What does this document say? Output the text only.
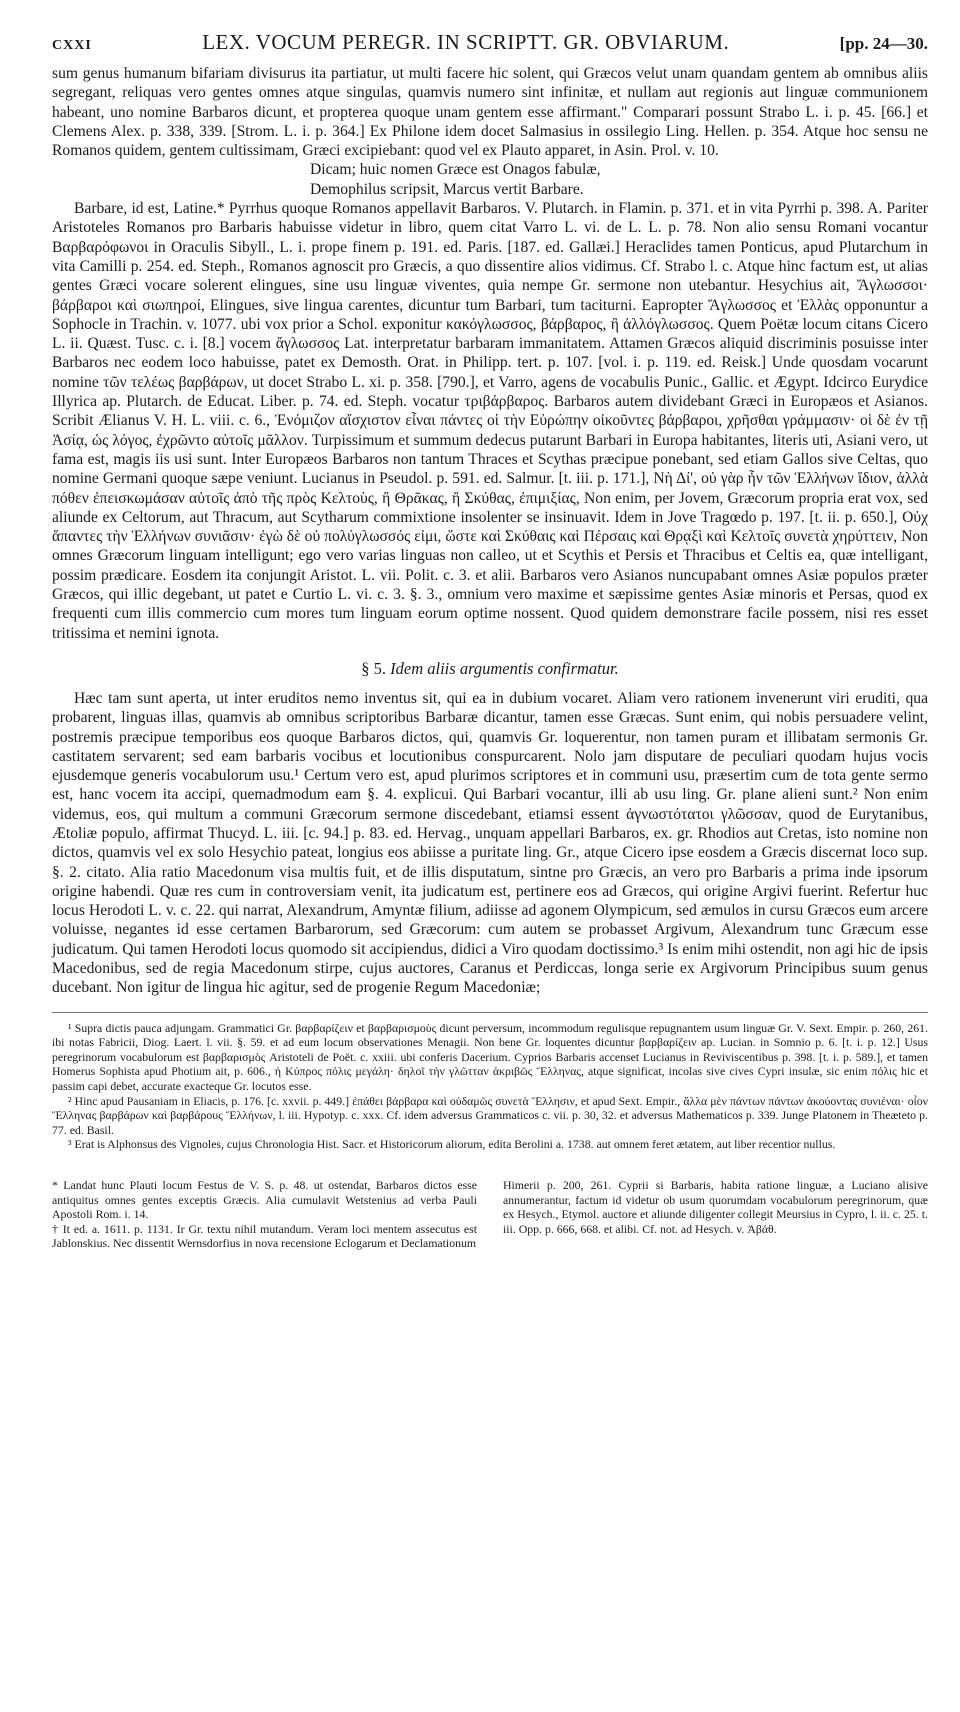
CXXI	LEX. VOCUM PEREGR. IN SCRIPTT. GR. OBVIARUM.	[pp. 24—30.

sum genus humanum bifariam divisurus ita partiatur, ut multi facere hic solent, qui Græcos velut unam quandam gentem ab omnibus aliis segregant, reliquas vero gentes omnes atque singulas, quamvis numero sint infinitæ, et nullam aut regionis aut linguæ communionem habeant, uno nomine Barbaros dicunt, et propterea quoque unam gentem esse affirmant." Comparari possunt Strabo L. i. p. 45. [66.] et Clemens Alex. p. 338, 339. [Strom. L. i. p. 364.] Ex Philone idem docet Salmasius in ossilegio Ling. Hellen. p. 354. Atque hoc sensu ne Romanos quidem, gentem cultissimam, Græci excipiebant: quod vel ex Plauto apparet, in Asin. Prol. v. 10.

Dicam; huic nomen Græce est Onagos fabulæ,
Demophilus scripsit, Marcus vertit Barbare.

Barbare, id est, Latine.* Pyrrhus quoque Romanos appellavit Barbaros. V. Plutarch. in Flamin. p. 371. et in vita Pyrrhi p. 398. A. Pariter Aristoteles Romanos pro Barbaris habuisse videtur in libro, quem citat Varro L. vi. de L. L. p. 78. Non alio sensu Romani vocantur Βαρβαρόφωνοι in Oraculis Sibyll., L. i. prope finem p. 191. ed. Paris. [187. ed. Gallæi.] Heraclides tamen Ponticus, apud Plutarchum in vita Camilli p. 254. ed. Steph., Romanos agnoscit pro Græcis, a quo dissentire alios vidimus. Cf. Strabo l. c. Atque hinc factum est, ut alias gentes Græci vocare solerent elingues, sine usu linguæ viventes, quia nempe Gr. sermone non utebantur. Hesychius ait, Ἄγλωσσοι· βάρβαροι καὶ σιωπηροί, Elingues, sive lingua carentes, dicuntur tum Barbari, tum taciturni. Eapropter Ἄγλωσσος et Ἑλλὰς opponuntur a Sophocle in Trachin. v. 1077. ubi vox prior a Schol. exponitur κακόγλωσσος, βάρβαρος, ἢ ἀλλόγλωσσος. Quem Poëtæ locum citans Cicero L. ii. Quæst. Tusc. c. i. [8.] vocem ἄγλωσσος Lat. interpretatur barbaram immanitatem. Attamen Græcos aliquid discriminis posuisse inter Barbaros nec eodem loco habuisse, patet ex Demosth. Orat. in Philipp. tert. p. 107. [vol. i. p. 119. ed. Reisk.] Unde quosdam vocarunt nomine τῶν τελέως βαρβάρων, ut docet Strabo L. xi. p. 358. [790.], et Varro, agens de vocabulis Punic., Gallic. et Ægypt. Idcirco Eurydice Illyrica ap. Plutarch. de Educat. Liber. p. 74. ed. Steph. vocatur τριβάρβαρος. Barbaros autem dividebant Græci in Europæos et Asianos. Scribit Ælianus V. H. L. viii. c. 6., Ἐνόμιζον αἴσχιστον εἶναι πάντες οἱ τὴν Εὐρώπην οἰκοῦντες βάρβαροι, χρῆσθαι γράμμασιν· οἱ δὲ ἐν τῇ Ἀσίᾳ, ὡς λόγος, ἐχρῶντο αὐτοῖς μᾶλλον. Turpissimum et summum dedecus putarunt Barbari in Europa habitantes, literis uti, Asiani vero, ut fama est, magis iis usi sunt. Inter Europæos Barbaros non tantum Thraces et Scythas præcipue ponebant, sed etiam Gallos sive Celtas, quo nomine Germani quoque sæpe veniunt. Lucianus in Pseudol. p. 591. ed. Salmur. [t. iii. p. 171.], Νὴ Δί', οὐ γὰρ ἦν τῶν Ἑλλήνων ἴδιον, ἀλλὰ πόθεν ἐπεισκωμάσαν αὐτοῖς ἀπὸ τῆς πρὸς Κελτοὺς, ἢ Θρᾶκας, ἢ Σκύθας, ἐπιμιξίας, Non enim, per Jovem, Græcorum propria erat vox, sed aliunde ex Celtorum, aut Thracum, aut Scytharum commixtione insolenter se insinuavit. Idem in Jove Tragœdo p. 197. [t. ii. p. 650.], Οὐχ ἅπαντες τὴν Ἑλλήνων συνιᾶσιν· ἐγὼ δὲ οὐ πολύγλωσσός εἰμι, ὥστε καὶ Σκύθαις καὶ Πέρσαις καὶ Θρᾳξὶ καὶ Κελτοῖς συνετὰ χηρύττειν, Non omnes Græcorum linguam intelligunt; ego vero varias linguas non calleo, ut et Scythis et Persis et Thracibus et Celtis ea, quæ intelligant, possim prædicare. Eosdem ita conjungit Aristot. L. vii. Polit. c. 3. et alii. Barbaros vero Asianos nuncupabant omnes Asiæ populos præter Græcos, qui illic degebant, ut patet e Curtio L. vi. c. 3. §. 3., omnium vero maxime et sæpissime gentes Asiæ minoris et Persas, quod ex frequenti cum illis commercio cum mores tum linguam eorum optime nossent. Quod quidem demonstrare facile possem, nisi res esset tritissima et nemini ignota.

§ 5. Idem aliis argumentis confirmatur.

Hæc tam sunt aperta, ut inter eruditos nemo inventus sit, qui ea in dubium vocaret. Aliam vero rationem invenerunt viri eruditi, qua probarent, linguas illas, quamvis ab omnibus scriptoribus Barbaræ dicantur, tamen esse Græcas. Sunt enim, qui nobis persuadere velint, postremis præcipue temporibus eos quoque Barbaros dictos, qui, quamvis Gr. loquerentur, non tamen puram et illibatam sermonis Gr. castitatem servarent; sed eam barbaris vocibus et locutionibus conspurcarent. Nolo jam disputare de peculiari quodam hujus vocis ejusdemque generis vocabulorum usu.¹ Certum vero est, apud plurimos scriptores et in communi usu, præsertim cum de tota gente sermo est, hanc vocem ita accipi, quemadmodum eam §. 4. explicui. Qui Barbari vocantur, illi ab usu ling. Gr. plane alieni sunt.² Non enim videmus, eos, qui multum a communi Græcorum sermone discedebant, etiamsi essent ἀγνωστότατοι γλῶσσαν, quod de Eurytanibus, Ætoliæ populo, affirmat Thucyd. L. iii. [c. 94.] p. 83. ed. Hervag., unquam appellari Barbaros, ex. gr. Rhodios aut Cretas, isto nomine non dictos, quamvis vel ex solo Hesychio pateat, longius eos abiisse a puritate ling. Gr., atque Cicero ipse eosdem a Græcis discernat loco sup. §. 2. citato. Alia ratio Macedonum visa multis fuit, et de illis disputatum, sintne pro Græcis, an vero pro Barbaris a prima inde ipsorum origine habendi. Quæ res cum in controversiam venit, ita judicatum est, pertinere eos ad Græcos, qui origine Argivi fuerint. Refertur huc locus Herodoti L. v. c. 22. qui narrat, Alexandrum, Amyntæ filium, adiisse ad agonem Olympicum, sed æmulos in cursu Græcos eum arcere voluisse, negantes id esse certamen Barbarorum, sed Græcorum: cum autem se probasset Argivum, Alexandrum tunc Græcum esse judicatum. Qui tamen Herodoti locus quomodo sit accipiendus, didici a Viro quodam doctissimo.³ Is enim mihi ostendit, non agi hic de ipsis Macedonibus, sed de regia Macedonum stirpe, cujus auctores, Caranus et Perdiccas, longa serie ex Argivorum Principibus suum genus ducebant. Non igitur de lingua hic agitur, sed de progenie Regum Macedoniæ;

¹ Supra dictis pauca adjungam. Grammatici Gr. βαρβαρίζειν et βαρβαρισμοὺς dicunt perversum, incommodum regulisque repugnantem usum linguæ Gr. V. Sext. Empir. p. 260, 261. ibi notas Fabricii, Diog. Laert. l. vii. §. 59. et ad eum locum observationes Menagii. Non bene Gr. loquentes dicuntur βαρβαρίζειν ap. Lucian. in Somnio p. 6. [t. i. p. 12.] Usus peregrinorum vocabulorum est βαρβαρισμὸς Aristoteli de Poët. c. xxiii. ubi conferis Dacerium. Cyprios Barbaris accenset Lucianus in Reviviscentibus p. 398. [t. i. p. 589.], et tamen Homerus Sophista apud Photium ait, p. 606., ἡ Κύπρος πόλις μεγάλη· δηλοῖ τὴν γλῶτταν ἀκριβῶς Ἕλληνας, atque significat, incolas sive cives Cypri insulæ, sic enim πόλις hic et passim capi debet, accurate exacteque Gr. locutos esse.

² Hinc apud Pausaniam in Eliacis, p. 176. [c. xxvii. p. 449.] ἐπάθει βάρβαρα καὶ οὐδαμῶς συνετὰ Ἕλλησιν, et apud Sext. Empir., ἅλλα μὲν πάντων πάντων ἀκούοντας συνιέναι· οἷον Ἕλληνας βαρβάρων καὶ βαρβάρους Ἕλλήνων, l. iii. Hypotyp. c. xxx. Cf. idem adversus Grammaticos c. vii. p. 30, 32. et adversus Mathematicos p. 339. Junge Platonem in Theæteto p. 77. ed. Basil.

³ Erat is Alphonsus des Vignoles, cujus Chronologia Hist. Sacr. et Historicorum aliorum, edita Berolini a. 1738. aut omnem feret ætatem, aut liber recentior nullus.

* Landat hunc Plauti locum Festus de V. S. p. 48. ut ostendat, Barbaros dictos esse antiquitus omnes gentes exceptis Græcis. Alia cumulavit Wetstenius ad verba Pauli Apostoli Rom. i. 14.

† It ed. a. 1611. p. 1131. Ir Gr. textu nihil mutandum. Veram loci mentem assecutus est Jablonskius. Nec dissentit Wernsdorfius in nova recensione Eclogarum et Declamationum

Himerii p. 200, 261. Cyprii si Barbaris, habita ratione linguæ, a Luciano alisive annumerantur, factum id videtur ob usum quorumdam vocabulorum peregrinorum, quæ ex Hesych., Etymol. auctore et aliunde diligenter collegit Meursius in Cypro, l. ii. c. 25. t. iii. Opp. p. 666, 668. et alibi. Cf. not. ad Hesych. v. Ἀβάθ.
